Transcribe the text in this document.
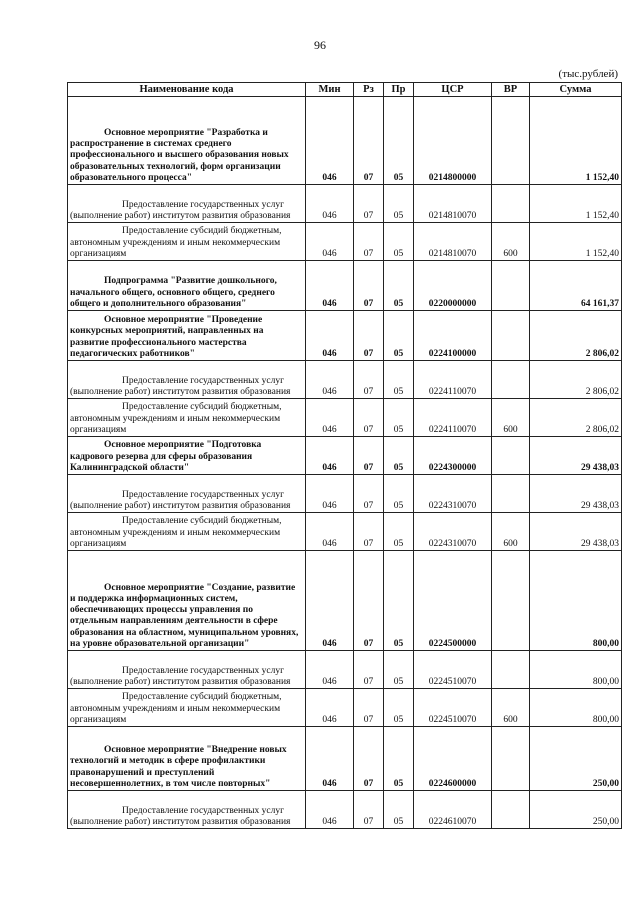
96
(тыс.рублей)
Наименование кода	Мин	Рз	Пр	ЦСР	ВР	Сумма
Основное мероприятие "Разработка и распространение в системах среднего профессионального и высшего образования новых образовательных технологий, форм организации образовательного процесса"	046	07	05	0214800000		1 152,40
Предоставление государственных услуг (выполнение работ) институтом развития образования	046	07	05	0214810070		1 152,40
Предоставление субсидий бюджетным, автономным учреждениям и иным некоммерческим организациям	046	07	05	0214810070	600	1 152,40
Подпрограмма "Развитие дошкольного, начального общего, основного общего, среднего общего и дополнительного образования"	046	07	05	0220000000		64 161,37
Основное мероприятие "Проведение конкурсных мероприятий, направленных на развитие профессионального мастерства педагогических работников"	046	07	05	0224100000		2 806,02
Предоставление государственных услуг (выполнение работ) институтом развития образования	046	07	05	0224110070		2 806,02
Предоставление субсидий бюджетным, автономным учреждениям и иным некоммерческим организациям	046	07	05	0224110070	600	2 806,02
Основное мероприятие "Подготовка кадрового резерва для сферы образования Калининградской области"	046	07	05	0224300000		29 438,03
Предоставление государственных услуг (выполнение работ) институтом развития образования	046	07	05	0224310070		29 438,03
Предоставление субсидий бюджетным, автономным учреждениям и иным некоммерческим организациям	046	07	05	0224310070	600	29 438,03
Основное мероприятие "Создание, развитие и поддержка информационных систем, обеспечивающих процессы управления по отдельным направлениям деятельности в сфере образования на областном, муниципальном уровнях, на уровне образовательной организации"	046	07	05	0224500000		800,00
Предоставление государственных услуг (выполнение работ) институтом развития образования	046	07	05	0224510070		800,00
Предоставление субсидий бюджетным, автономным учреждениям и иным некоммерческим организациям	046	07	05	0224510070	600	800,00
Основное мероприятие "Внедрение новых технологий и методик в сфере профилактики правонарушений и преступлений несовершеннолетних, в том числе повторных"	046	07	05	0224600000		250,00
Предоставление государственных услуг (выполнение работ) институтом развития образования	046	07	05	0224610070		250,00
